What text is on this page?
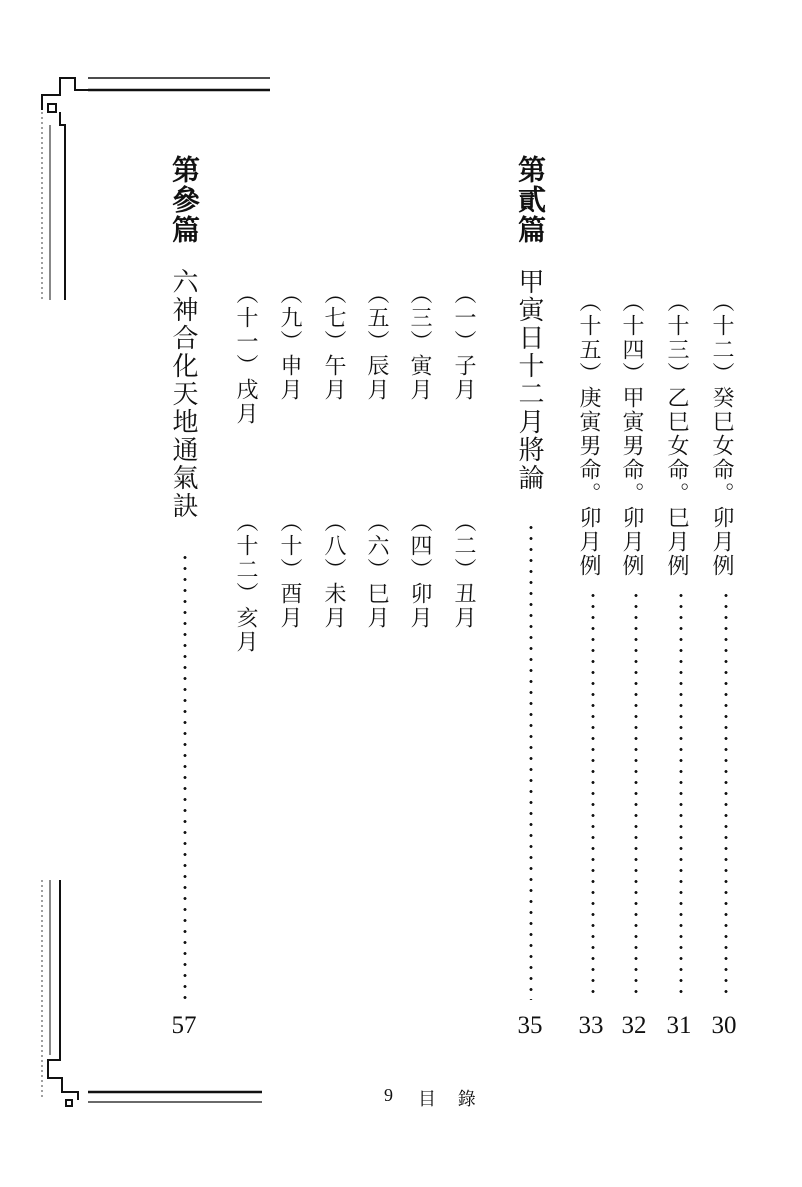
（十二）癸巳女命。卯月例
30
（十三）乙巳女命。巳月例
31
（十四）甲寅男命。卯月例
32
（十五）庚寅男命。卯月例
33
第貳篇
甲寅日十二月將論
35
（一）子月
（三）寅月
（五）辰月
（七）午月
（九）申月
（十一）戌月
（二）丑月
（四）卯月
（六）巳月
（八）未月
（十）酉月
（十二）亥月
第參篇
六神合化天地通氣訣
57
9 目 錄
